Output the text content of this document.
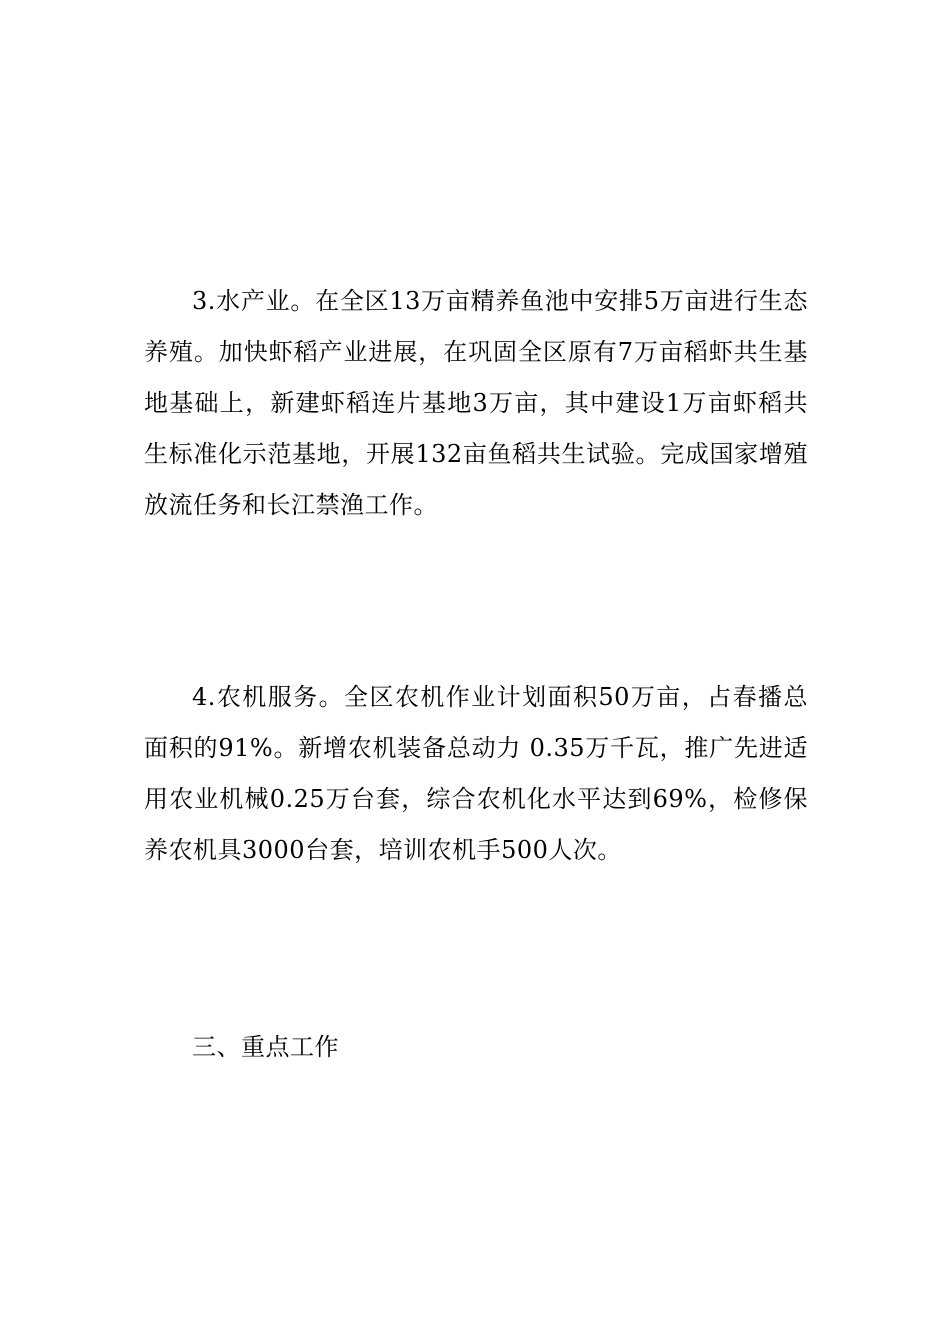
3.水产业。在全区13万亩精养鱼池中安排5万亩进行生态养殖。加快虾稻产业进展，在巩固全区原有7万亩稻虾共生基地基础上，新建虾稻连片基地3万亩，其中建设1万亩虾稻共生标准化示范基地，开展132亩鱼稻共生试验。完成国家增殖放流任务和长江禁渔工作。

4.农机服务。全区农机作业计划面积50万亩，占春播总面积的91%。新增农机装备总动力 0.35万千瓦，推广先进适用农业机械0.25万台套，综合农机化水平达到69%，检修保养农机具3000台套，培训农机手500人次。

三、重点工作
